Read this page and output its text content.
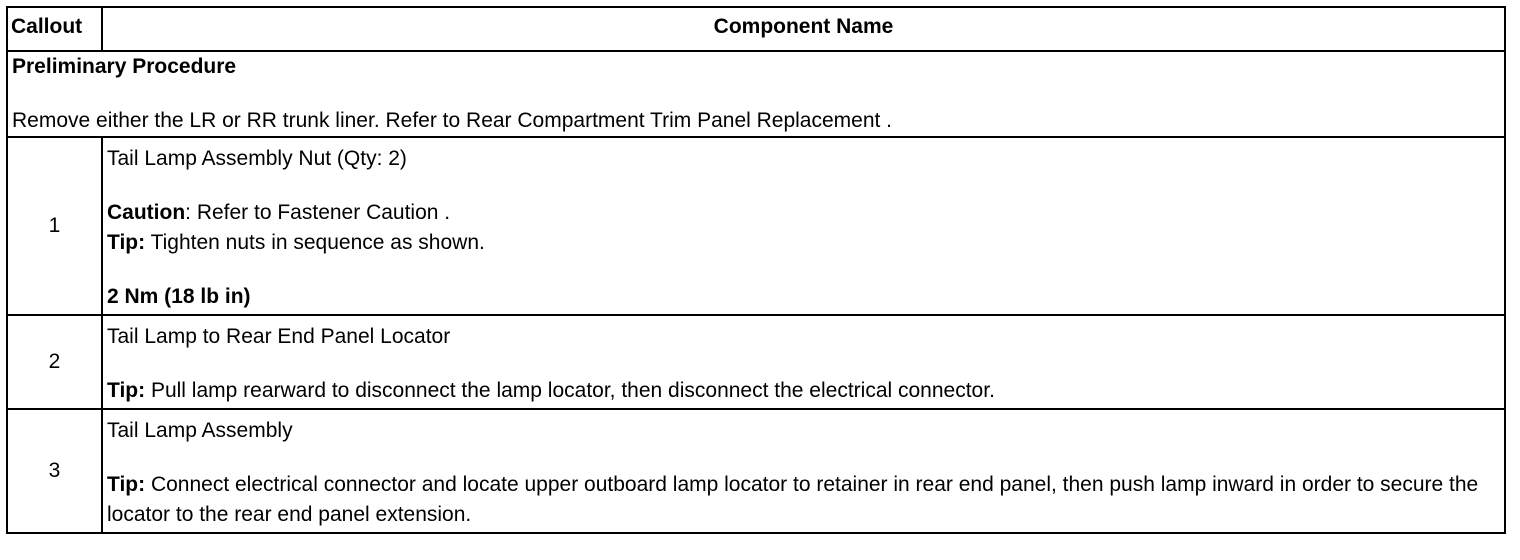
Callout	Component Name

Preliminary Procedure
Remove either the LR or RR trunk liner. Refer to Rear Compartment Trim Panel Replacement .	

1	Tail Lamp Assembly Nut (Qty: 2)
Caution: Refer to Fastener Caution .
Tip: Tighten nuts in sequence as shown.
2 Nm (18 lb in)

2	Tail Lamp to Rear End Panel Locator
Tip: Pull lamp rearward to disconnect the lamp locator, then disconnect the electrical connector.

3	Tail Lamp Assembly
Tip: Connect electrical connector and locate upper outboard lamp locator to retainer in rear end panel, then push lamp inward in order to secure the locator to the rear end panel extension.
